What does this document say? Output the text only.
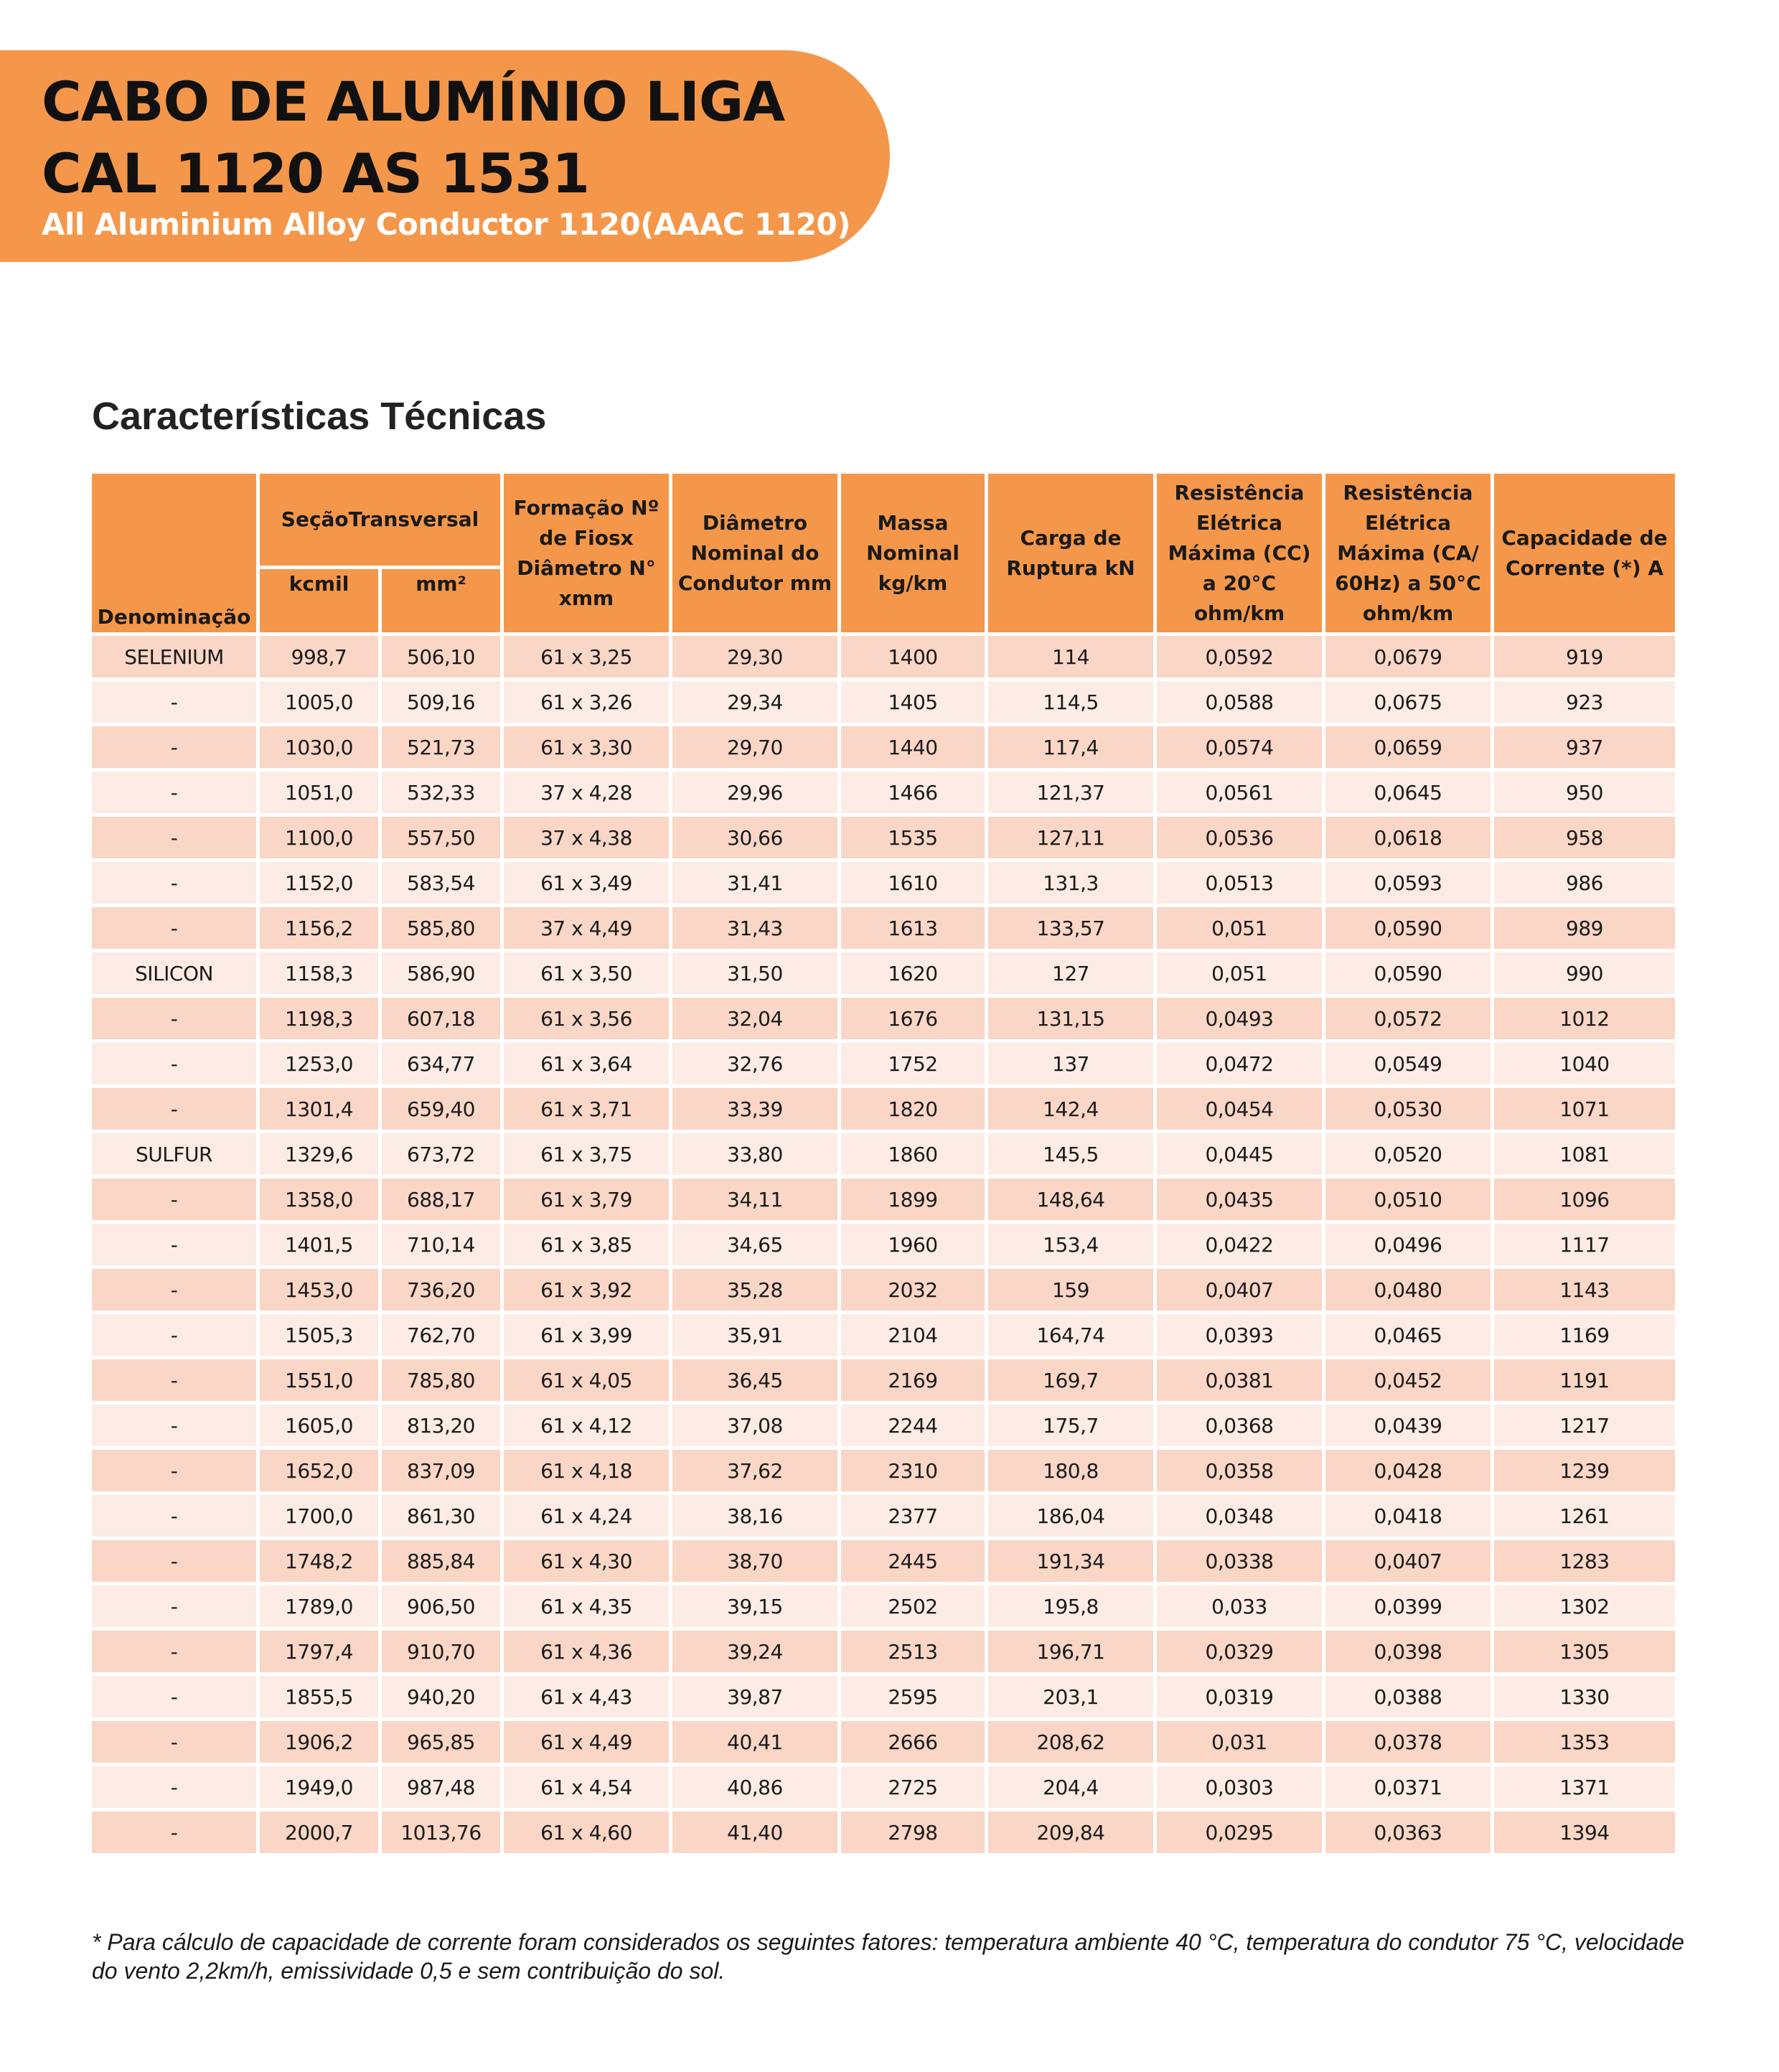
CABO DE ALUMÍNIO LIGA
CAL 1120 AS 1531
All Aluminium Alloy Conductor 1120(AAAC 1120)
Características Técnicas
Denominação	SeçãoTransversal		Formação Nº de Fiosx Diâmetro N° xmm	Diâmetro Nominal do Condutor mm	Massa Nominal kg/km	Carga de Ruptura kN	Resistência Elétrica Máxima (CC) a 20°C ohm/km	Resistência Elétrica Máxima (CA/ 60Hz) a 50°C ohm/km	Capacidade de Corrente (*) A
	kcmil	mm²							
SELENIUM	998,7	506,10	61 x 3,25	29,30	1400	114	0,0592	0,0679	919
-	1005,0	509,16	61 x 3,26	29,34	1405	114,5	0,0588	0,0675	923
-	1030,0	521,73	61 x 3,30	29,70	1440	117,4	0,0574	0,0659	937
-	1051,0	532,33	37 x 4,28	29,96	1466	121,37	0,0561	0,0645	950
-	1100,0	557,50	37 x 4,38	30,66	1535	127,11	0,0536	0,0618	958
-	1152,0	583,54	61 x 3,49	31,41	1610	131,3	0,0513	0,0593	986
-	1156,2	585,80	37 x 4,49	31,43	1613	133,57	0,051	0,0590	989
SILICON	1158,3	586,90	61 x 3,50	31,50	1620	127	0,051	0,0590	990
-	1198,3	607,18	61 x 3,56	32,04	1676	131,15	0,0493	0,0572	1012
-	1253,0	634,77	61 x 3,64	32,76	1752	137	0,0472	0,0549	1040
-	1301,4	659,40	61 x 3,71	33,39	1820	142,4	0,0454	0,0530	1071
SULFUR	1329,6	673,72	61 x 3,75	33,80	1860	145,5	0,0445	0,0520	1081
-	1358,0	688,17	61 x 3,79	34,11	1899	148,64	0,0435	0,0510	1096
-	1401,5	710,14	61 x 3,85	34,65	1960	153,4	0,0422	0,0496	1117
-	1453,0	736,20	61 x 3,92	35,28	2032	159	0,0407	0,0480	1143
-	1505,3	762,70	61 x 3,99	35,91	2104	164,74	0,0393	0,0465	1169
-	1551,0	785,80	61 x 4,05	36,45	2169	169,7	0,0381	0,0452	1191
-	1605,0	813,20	61 x 4,12	37,08	2244	175,7	0,0368	0,0439	1217
-	1652,0	837,09	61 x 4,18	37,62	2310	180,8	0,0358	0,0428	1239
-	1700,0	861,30	61 x 4,24	38,16	2377	186,04	0,0348	0,0418	1261
-	1748,2	885,84	61 x 4,30	38,70	2445	191,34	0,0338	0,0407	1283
-	1789,0	906,50	61 x 4,35	39,15	2502	195,8	0,033	0,0399	1302
-	1797,4	910,70	61 x 4,36	39,24	2513	196,71	0,0329	0,0398	1305
-	1855,5	940,20	61 x 4,43	39,87	2595	203,1	0,0319	0,0388	1330
-	1906,2	965,85	61 x 4,49	40,41	2666	208,62	0,031	0,0378	1353
-	1949,0	987,48	61 x 4,54	40,86	2725	204,4	0,0303	0,0371	1371
-	2000,7	1013,76	61 x 4,60	41,40	2798	209,84	0,0295	0,0363	1394

* Para cálculo de capacidade de corrente foram considerados os seguintes fatores: temperatura ambiente 40 °C, temperatura do condutor 75 °C, velocidade do vento 2,2km/h, emissividade 0,5 e sem contribuição do sol.
